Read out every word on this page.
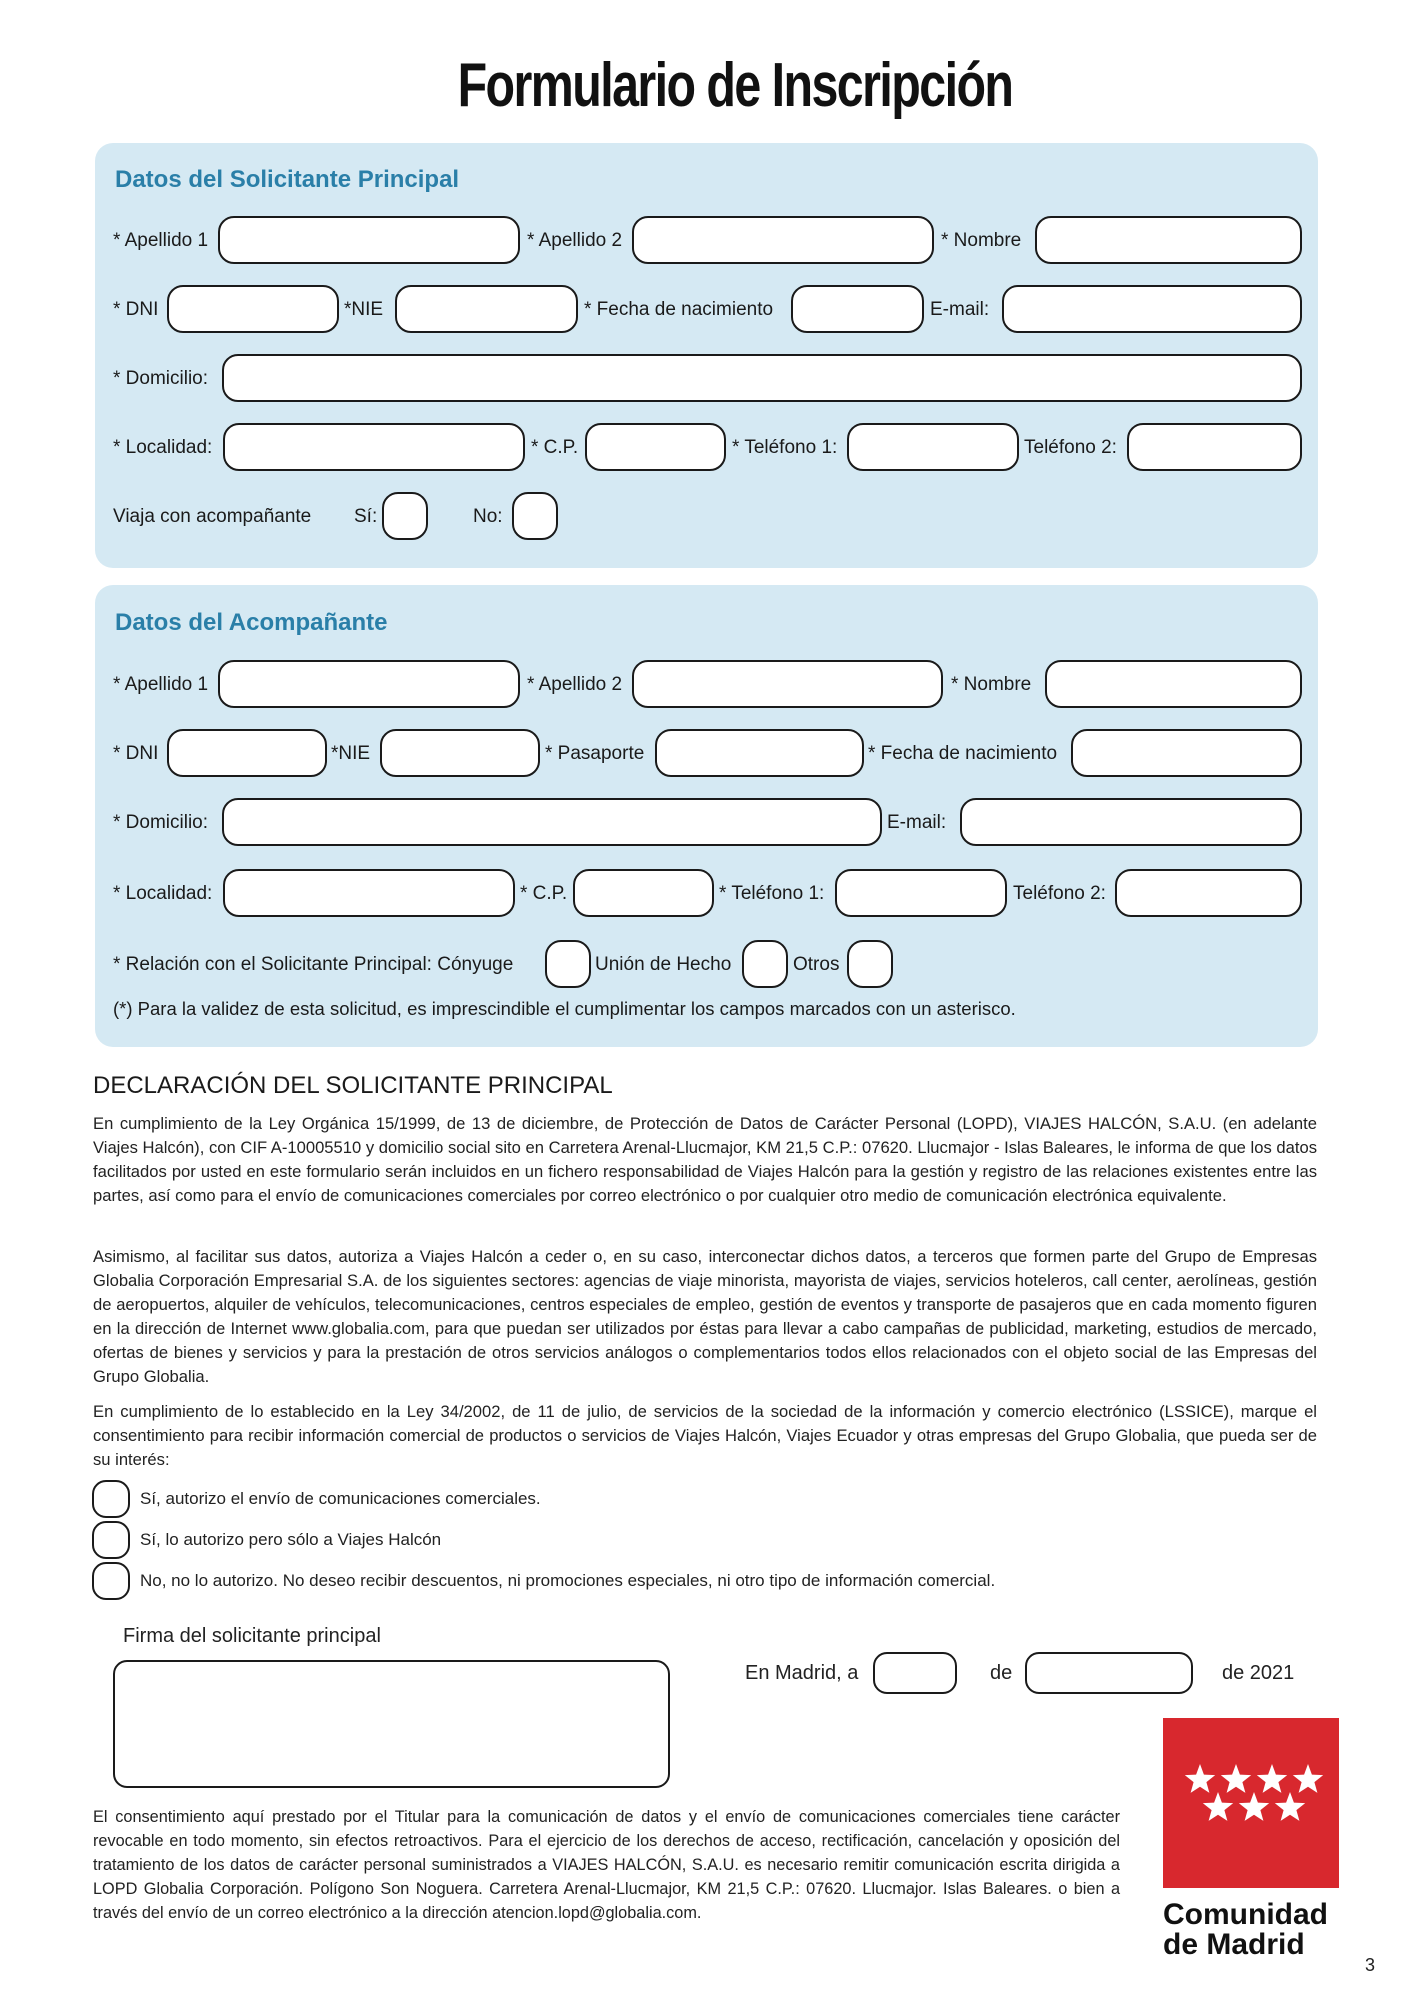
Formulario de Inscripción
Datos del Solicitante Principal
* Apellido 1	* Apellido 2	* Nombre
* DNI	*NIE	* Fecha de nacimiento	E-mail:
* Domicilio:
* Localidad:	* C.P.	* Teléfono 1:	Teléfono 2:
Viaja con acompañante Sí:	No:
Datos del Acompañante
* Apellido 1	* Apellido 2	* Nombre
* DNI	*NIE	* Pasaporte	* Fecha de nacimiento
* Domicilio:	E-mail:
* Localidad:	* C.P.	* Teléfono 1:	Teléfono 2:
* Relación con el Solicitante Principal: Cónyuge	Unión de Hecho	Otros
(*) Para la validez de esta solicitud, es imprescindible el cumplimentar los campos marcados con un asterisco.
DECLARACIÓN DEL SOLICITANTE PRINCIPAL

En cumplimiento de la Ley Orgánica 15/1999, de 13 de diciembre, de Protección de Datos de Carácter Personal (LOPD), VIAJES HALCÓN, S.A.U. (en adelante Viajes Halcón), con CIF A-10005510 y domicilio social sito en Carretera Arenal-Llucmajor, KM 21,5 C.P.: 07620. Llucmajor - Islas Baleares, le informa de que los datos facilitados por usted en este formulario serán incluidos en un fichero responsabilidad de Viajes Halcón para la gestión y registro de las relaciones existentes entre las partes, así como para el envío de comunicaciones comerciales por correo electrónico o por cualquier otro medio de comunicación electrónica equivalente.

Asimismo, al facilitar sus datos, autoriza a Viajes Halcón a ceder o, en su caso, interconectar dichos datos, a terceros que formen parte del Grupo de Empresas Globalia Corporación Empresarial S.A. de los siguientes sectores: agencias de viaje minorista, mayorista de viajes, servicios hoteleros, call center, aerolíneas, gestión de aeropuertos, alquiler de vehículos, telecomunicaciones, centros especiales de empleo, gestión de eventos y transporte de pasajeros que en cada momento figuren en la dirección de Internet www.globalia.com, para que puedan ser utilizados por éstas para llevar a cabo campañas de publicidad, marketing, estudios de mercado, ofertas de bienes y servicios y para la prestación de otros servicios análogos o complementarios todos ellos relacionados con el objeto social de las Empresas del Grupo Globalia.

En cumplimiento de lo establecido en la Ley 34/2002, de 11 de julio, de servicios de la sociedad de la información y comercio electrónico (LSSICE), marque el consentimiento para recibir información comercial de productos o servicios de Viajes Halcón, Viajes Ecuador y otras empresas del Grupo Globalia, que pueda ser de su interés:

Sí, autorizo el envío de comunicaciones comerciales.
Sí, lo autorizo pero sólo a Viajes Halcón
No, no lo autorizo. No deseo recibir descuentos, ni promociones especiales, ni otro tipo de información comercial.
Firma del solicitante principal
En Madrid, a	de	de 2021

El consentimiento aquí prestado por el Titular para la comunicación de datos y el envío de comunicaciones comerciales tiene carácter revocable en todo momento, sin efectos retroactivos. Para el ejercicio de los derechos de acceso, rectificación, cancelación y oposición del tratamiento de los datos de carácter personal suministrados a VIAJES HALCÓN, S.A.U. es necesario remitir comunicación escrita dirigida a LOPD Globalia Corporación. Polígono Son Noguera. Carretera Arenal-Llucmajor, KM 21,5 C.P.: 07620. Llucmajor. Islas Baleares. o bien a través del envío de un correo electrónico a la dirección atencion.lopd@globalia.com.	Comunidad
de Madrid
3
